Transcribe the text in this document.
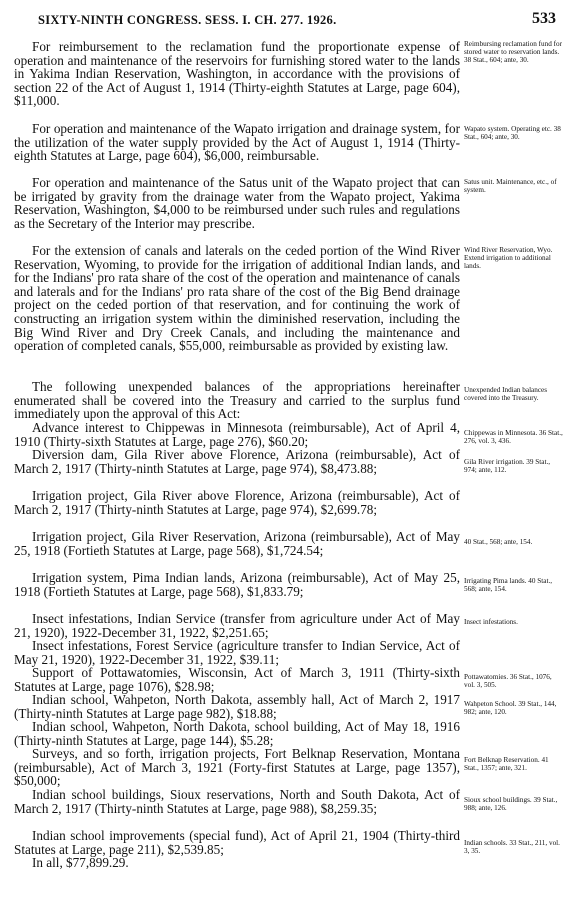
SIXTY-NINTH CONGRESS. SESS. I. CH. 277. 1926.	533

For reimbursement to the reclamation fund the proportionate expense of operation and maintenance of the reservoirs for furnishing stored water to the lands in Yakima Indian Reservation, Washington, in accordance with the provisions of section 22 of the Act of August 1, 1914 (Thirty-eighth Statutes at Large, page 604), $11,000.

For operation and maintenance of the Wapato irrigation and drainage system, for the utilization of the water supply provided by the Act of August 1, 1914 (Thirty-eighth Statutes at Large, page 604), $6,000, reimbursable.

For operation and maintenance of the Satus unit of the Wapato project that can be irrigated by gravity from the drainage water from the Wapato project, Yakima Reservation, Washington, $4,000 to be reimbursed under such rules and regulations as the Secretary of the Interior may prescribe.

For the extension of canals and laterals on the ceded portion of the Wind River Reservation, Wyoming, to provide for the irrigation of additional Indian lands, and for the Indians' pro rata share of the cost of the operation and maintenance of canals and laterals and for the Indians' pro rata share of the cost of the Big Bend drainage project on the ceded portion of that reservation, and for continuing the work of constructing an irrigation system within the diminished reservation, including the Big Wind River and Dry Creek Canals, and including the maintenance and operation of completed canals, $55,000, reimbursable as provided by existing law.

The following unexpended balances of the appropriations hereinafter enumerated shall be covered into the Treasury and carried to the surplus fund immediately upon the approval of this Act:

Advance interest to Chippewas in Minnesota (reimbursable), Act of April 4, 1910 (Thirty-sixth Statutes at Large, page 276), $60.20;

Diversion dam, Gila River above Florence, Arizona (reimbursable), Act of March 2, 1917 (Thirty-ninth Statutes at Large, page 974), $8,473.88;

Irrigation project, Gila River above Florence, Arizona (reimbursable), Act of March 2, 1917 (Thirty-ninth Statutes at Large, page 974), $2,699.78;

Irrigation project, Gila River Reservation, Arizona (reimbursable), Act of May 25, 1918 (Fortieth Statutes at Large, page 568), $1,724.54;

Irrigation system, Pima Indian lands, Arizona (reimbursable), Act of May 25, 1918 (Fortieth Statutes at Large, page 568), $1,833.79;

Insect infestations, Indian Service (transfer from agriculture under Act of May 21, 1920), 1922-December 31, 1922, $2,251.65;

Insect infestations, Forest Service (agriculture transfer to Indian Service, Act of May 21, 1920), 1922-December 31, 1922, $39.11;

Support of Pottawatomies, Wisconsin, Act of March 3, 1911 (Thirty-sixth Statutes at Large, page 1076), $28.98;

Indian school, Wahpeton, North Dakota, assembly hall, Act of March 2, 1917 (Thirty-ninth Statutes at Large page 982), $18.88;

Indian school, Wahpeton, North Dakota, school building, Act of May 18, 1916 (Thirty-ninth Statutes at Large, page 144), $5.28;

Surveys, and so forth, irrigation projects, Fort Belknap Reservation, Montana (reimbursable), Act of March 3, 1921 (Forty-first Statutes at Large, page 1357), $50,000;

Indian school buildings, Sioux reservations, North and South Dakota, Act of March 2, 1917 (Thirty-ninth Statutes at Large, page 988), $8,259.35;

Indian school improvements (special fund), Act of April 21, 1904 (Thirty-third Statutes at Large, page 211), $2,539.85;

In all, $77,899.29.

Reimbursing reclamation fund for stored water to reservation lands. 38 Stat., 604; ante, 30.

Wapato system. Operating etc. 38 Stat., 604; ante, 30.

Satus unit. Maintenance, etc., of system.

Wind River Reservation, Wyo. Extend irrigation to additional lands.

Unexpended Indian balances covered into the Treasury.

Chippewas in Minnesota. 36 Stat., 276, vol. 3, 436.

Gila River irrigation. 39 Stat., 974; ante, 112.

40 Stat., 568; ante, 154.

Irrigating Pima lands. 40 Stat., 568; ante, 154.

Insect infestations.

Pottawatomies. 36 Stat., 1076, vol. 3, 505.

Wahpeton School. 39 Stat., 144, 982; ante, 120.

Fort Belknap Reservation. 41 Stat., 1357; ante, 321.

Sioux school buildings. 39 Stat., 988; ante, 126.

Indian schools. 33 Stat., 211, vol. 3, 35.
